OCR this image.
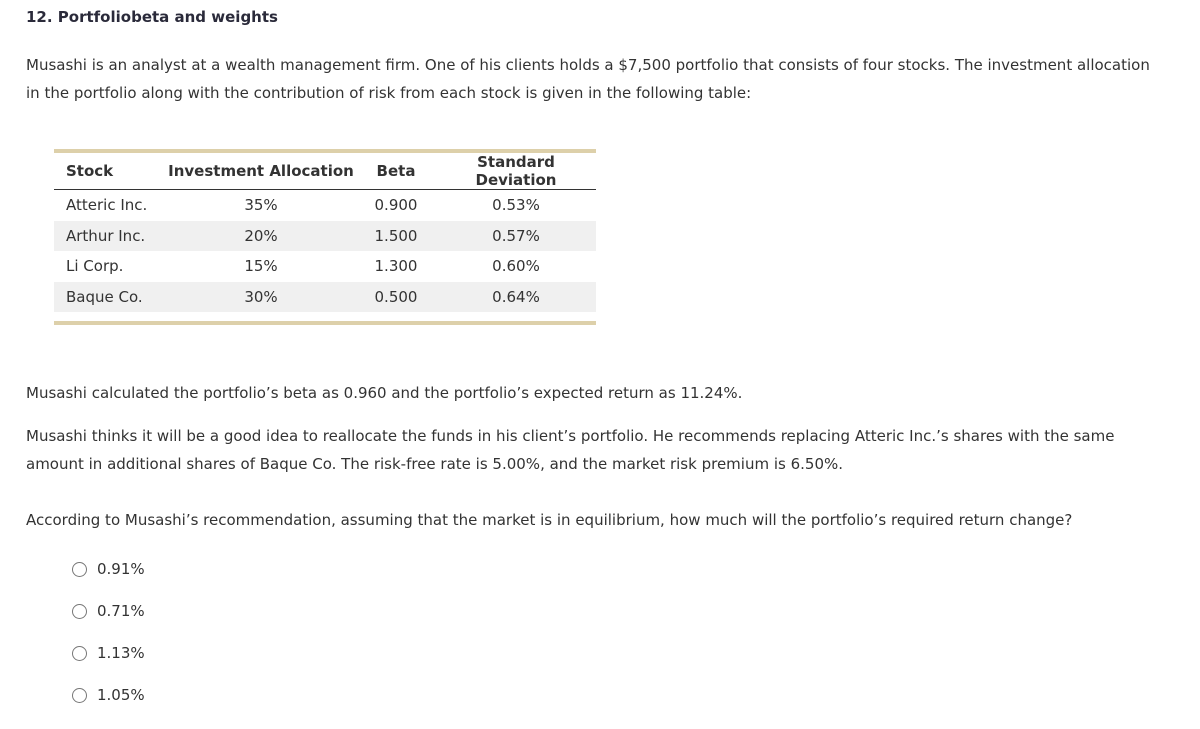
12. Portfoliobeta and weights
Musashi is an analyst at a wealth management firm. One of his clients holds a $7,500 portfolio that consists of four stocks. The investment allocation in the portfolio along with the contribution of risk from each stock is given in the following table:
Stock	Investment Allocation	Beta	Standard Deviation
Atteric Inc.	35%	0.900	0.53%
Arthur Inc.	20%	1.500	0.57%
Li Corp.	15%	1.300	0.60%
Baque Co.	30%	0.500	0.64%

Musashi calculated the portfolio’s beta as 0.960 and the portfolio’s expected return as 11.24%.
Musashi thinks it will be a good idea to reallocate the funds in his client’s portfolio. He recommends replacing Atteric Inc.’s shares with the same amount in additional shares of Baque Co. The risk-free rate is 5.00%, and the market risk premium is 6.50%.
According to Musashi’s recommendation, assuming that the market is in equilibrium, how much will the portfolio’s required return change?
0.91%
0.71%
1.13%
1.05%
